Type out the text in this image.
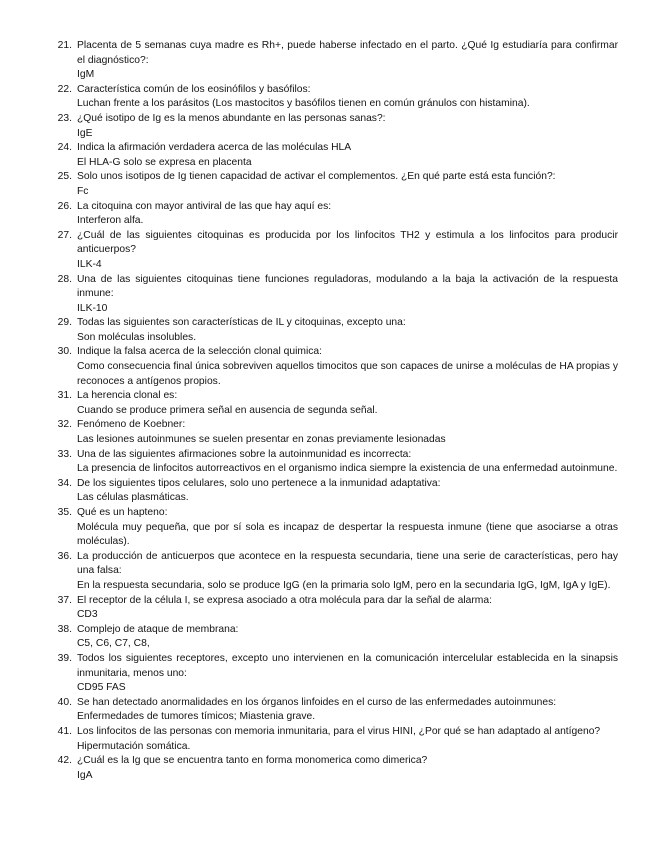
21. Placenta de 5 semanas cuya madre es Rh+, puede haberse infectado en el parto. ¿Qué Ig estudiaría para confirmar el diagnóstico?:
IgM
22. Característica común de los eosinófilos y basófilos:
Luchan frente a los parásitos (Los mastocitos y basófilos tienen en común gránulos con histamina).
23. ¿Qué isotipo de Ig es la menos abundante en las personas sanas?:
IgE
24. Indica la afirmación verdadera acerca de las moléculas HLA
El HLA-G solo se expresa en placenta
25. Solo unos isotipos de Ig tienen capacidad de activar el complementos. ¿En qué parte está esta función?:
Fc
26. La citoquina con mayor antiviral de las que hay aquí es:
Interferon alfa.
27. ¿Cuál de las siguientes citoquinas es producida por los linfocitos TH2 y estimula a los linfocitos para producir anticuerpos?
ILK-4
28. Una de las siguientes citoquinas tiene funciones reguladoras, modulando a la baja la activación de la respuesta inmune:
ILK-10
29. Todas las siguientes son características de IL y citoquinas, excepto una:
Son moléculas insolubles.
30. Indique la falsa acerca de la selección clonal quimica:
Como consecuencia final única sobreviven aquellos timocitos que son capaces de unirse a moléculas de HA propias y reconoces a antígenos propios.
31. La herencia clonal es:
Cuando se produce primera señal en ausencia de segunda señal.
32. Fenómeno de Koebner:
Las lesiones autoinmunes se suelen presentar en zonas previamente lesionadas
33. Una de las siguientes afirmaciones sobre la autoinmunidad es incorrecta:
La presencia de linfocitos autorreactivos en el organismo indica siempre la existencia de una enfermedad autoinmune.
34. De los siguientes tipos celulares, solo uno pertenece a la inmunidad adaptativa:
Las células plasmáticas.
35. Qué es un hapteno:
Molécula muy pequeña, que por sí sola es incapaz de despertar la respuesta inmune (tiene que asociarse a otras moléculas).
36. La producción de anticuerpos que acontece en la respuesta secundaria, tiene una serie de características, pero hay una falsa:
En la respuesta secundaria, solo se produce IgG (en la primaria solo IgM, pero en la secundaria IgG, IgM, IgA y IgE).
37. El receptor de la célula I, se expresa asociado a otra molécula para dar la señal de alarma:
CD3
38. Complejo de ataque de membrana:
C5, C6, C7, C8,
39. Todos los siguientes receptores, excepto uno intervienen en la comunicación intercelular establecida en la sinapsis inmunitaria, menos uno:
CD95 FAS
40. Se han detectado anormalidades en los órganos linfoides en el curso de las enfermedades autoinmunes:
Enfermedades de tumores tímicos; Miastenia grave.
41. Los linfocitos de las personas con memoria inmunitaria, para el virus HINI, ¿Por qué se han adaptado al antígeno?
Hipermutación somática.
42. ¿Cuál es la Ig que se encuentra tanto en forma monomerica como dimerica?
IgA
